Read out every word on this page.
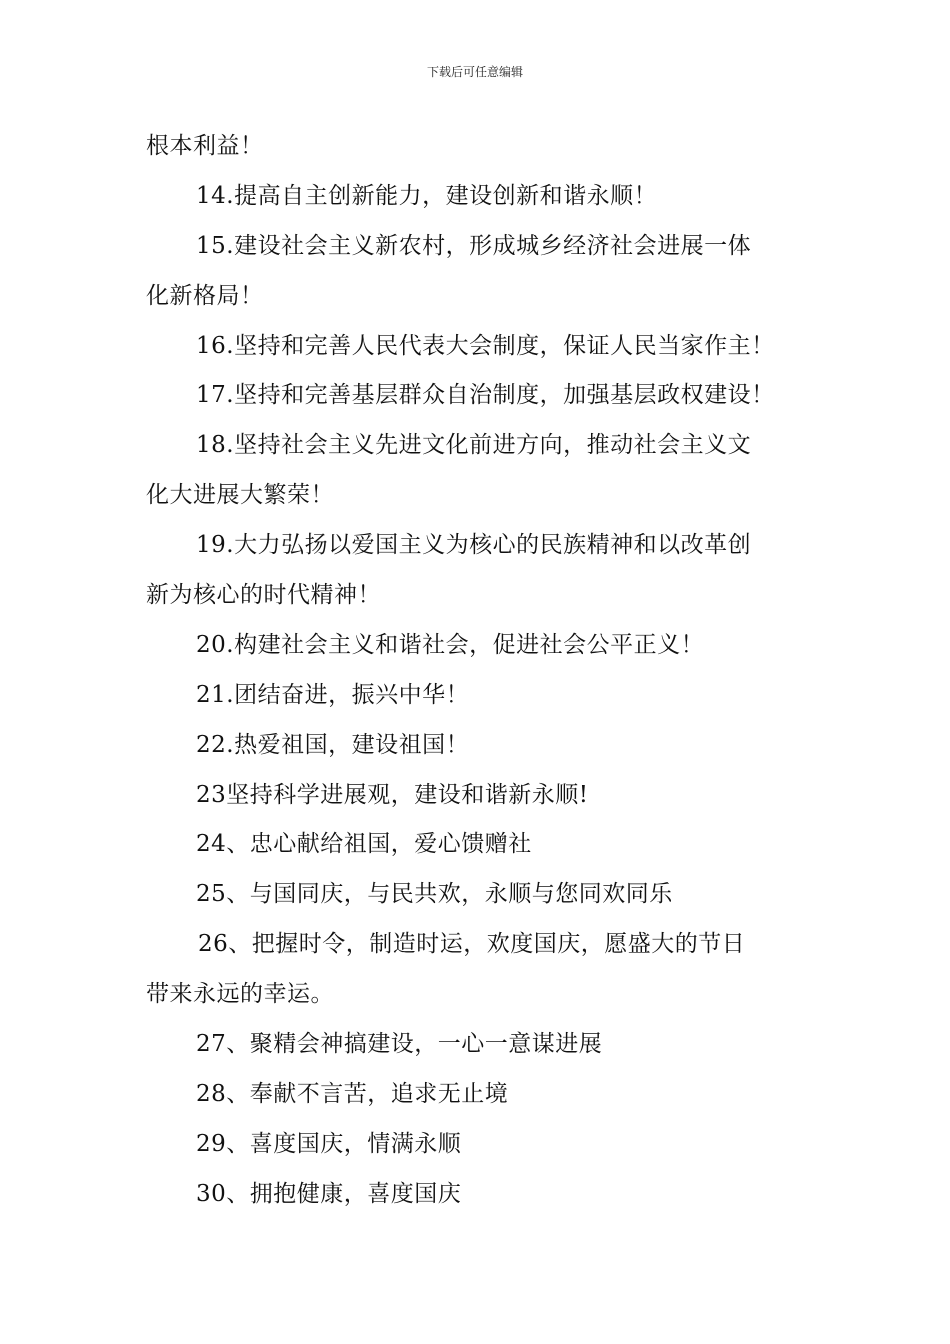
下载后可任意编辑
根本利益！
14.提高自主创新能力，建设创新和谐永顺！
15.建设社会主义新农村，形成城乡经济社会进展一体
化新格局！
16.坚持和完善人民代表大会制度，保证人民当家作主！
17.坚持和完善基层群众自治制度，加强基层政权建设！
18.坚持社会主义先进文化前进方向，推动社会主义文
化大进展大繁荣！
19.大力弘扬以爱国主义为核心的民族精神和以改革创
新为核心的时代精神！
20.构建社会主义和谐社会，促进社会公平正义！
21.团结奋进，振兴中华！
22.热爱祖国，建设祖国！
23坚持科学进展观，建设和谐新永顺!
24、忠心献给祖国，爱心馈赠社
25、与国同庆，与民共欢，永顺与您同欢同乐
26、把握时令，制造时运，欢度国庆，愿盛大的节日
带来永远的幸运。
27、聚精会神搞建设，一心一意谋进展
28、奉献不言苦，追求无止境
29、喜度国庆，情满永顺
30、拥抱健康，喜度国庆
